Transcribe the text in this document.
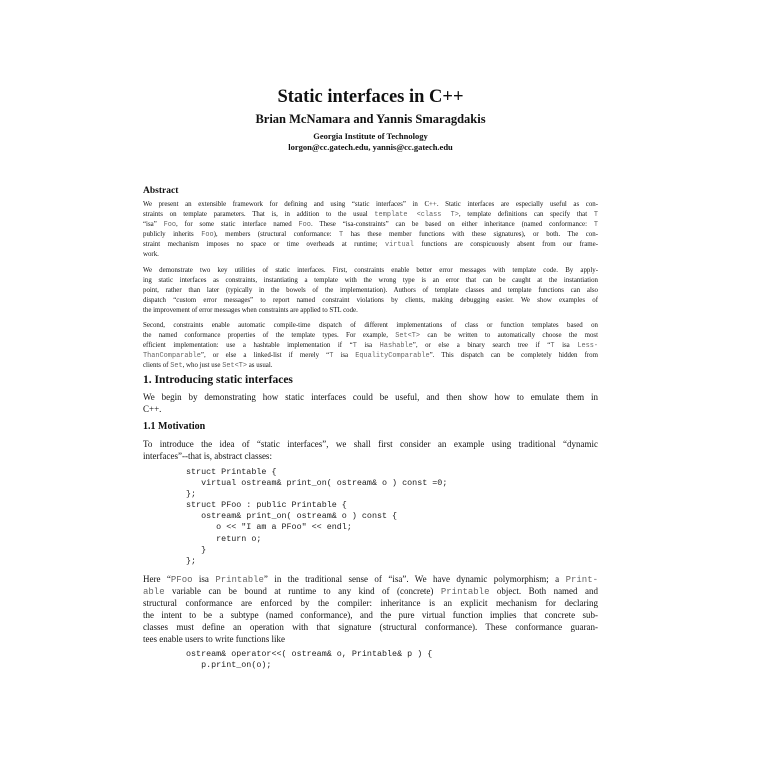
Static interfaces in C++
Brian McNamara and Yannis Smaragdakis
Georgia Institute of Technology
lorgon@cc.gatech.edu, yannis@cc.gatech.edu
Abstract
We present an extensible framework for defining and using “static interfaces” in C++. Static interfaces are especially useful as con-
straints on template parameters. That is, in addition to the usual template <class T>, template definitions can specify that T
“isa” Foo, for some static interface named Foo. These “isa-constraints” can be based on either inheritance (named conformance: T
publicly inherits Foo), members (structural conformance: T has these member functions with these signatures), or both. The con-
straint mechanism imposes no space or time overheads at runtime; virtual functions are conspicuously absent from our frame-
work.
We demonstrate two key utilities of static interfaces. First, constraints enable better error messages with template code. By apply-
ing static interfaces as constraints, instantiating a template with the wrong type is an error that can be caught at the instantiation
point, rather than later (typically in the bowels of the implementation). Authors of template classes and template functions can also
dispatch “custom error messages” to report named constraint violations by clients, making debugging easier. We show examples of
the improvement of error messages when constraints are applied to STL code.
Second, constraints enable automatic compile-time dispatch of different implementations of class or function templates based on
the named conformance properties of the template types. For example, Set<T> can be written to automatically choose the most
efficient implementation: use a hashtable implementation if “T isa Hashable”, or else a binary search tree if “T isa Less-
ThanComparable”, or else a linked-list if merely “T isa EqualityComparable”. This dispatch can be completely hidden from
clients of Set, who just use Set<T> as usual.
1. Introducing static interfaces
We begin by demonstrating how static interfaces could be useful, and then show how to emulate them in
C++.
1.1 Motivation
To introduce the idea of “static interfaces”, we shall first consider an example using traditional “dynamic
interfaces”--that is, abstract classes:
struct Printable {
virtual ostream& print_on( ostream& o ) const =0;
};
struct PFoo : public Printable {
ostream& print_on( ostream& o ) const {
o << "I am a PFoo" << endl;
return o;
}
};
Here “PFoo isa Printable” in the traditional sense of “isa”. We have dynamic polymorphism; a Print-
able variable can be bound at runtime to any kind of (concrete) Printable object. Both named and
structural conformance are enforced by the compiler: inheritance is an explicit mechanism for declaring
the intent to be a subtype (named conformance), and the pure virtual function implies that concrete sub-
classes must define an operation with that signature (structural conformance). These conformance guaran-
tees enable users to write functions like
ostream& operator<<( ostream& o, Printable& p ) {
p.print_on(o);
